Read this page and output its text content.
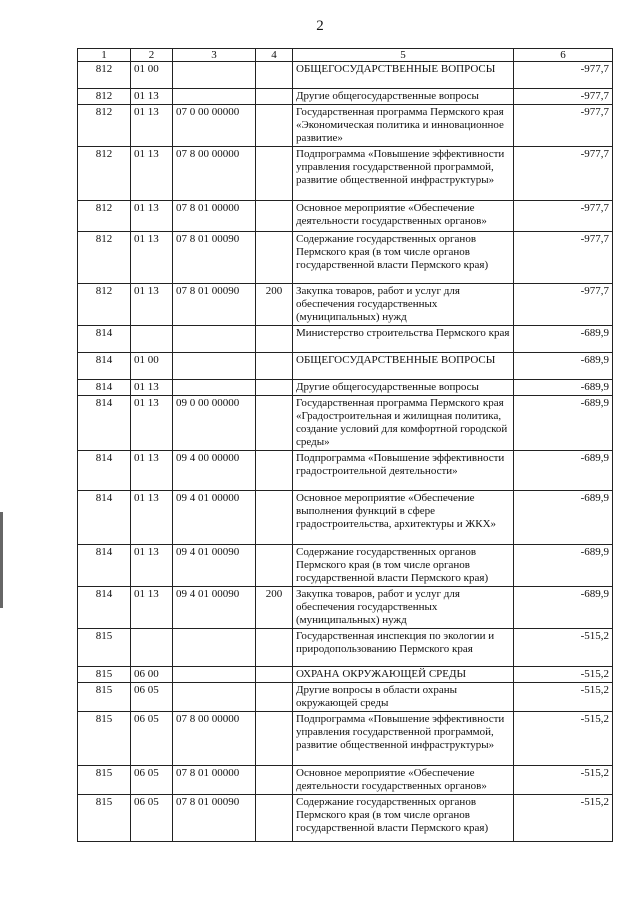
2
1	2	3	4	5	6
812	01 00			ОБЩЕГОСУДАРСТВЕННЫЕ ВОПРОСЫ	-977,7
812	01 13			Другие общегосударственные вопросы	-977,7
812	01 13	07 0 00 00000		Государственная программа Пермского края «Экономическая политика и инновационное развитие»	-977,7
812	01 13	07 8 00 00000		Подпрограмма «Повышение эффективности управления государственной программой, развитие общественной инфраструктуры»	-977,7
812	01 13	07 8 01 00000		Основное мероприятие «Обеспечение деятельности государственных органов»	-977,7
812	01 13	07 8 01 00090		Содержание государственных органов Пермского края (в том числе органов государственной власти Пермского края)	-977,7
812	01 13	07 8 01 00090	200	Закупка товаров, работ и услуг для обеспечения государственных (муниципальных) нужд	-977,7
814				Министерство строительства Пермского края	-689,9
814	01 00			ОБЩЕГОСУДАРСТВЕННЫЕ ВОПРОСЫ	-689,9
814	01 13			Другие общегосударственные вопросы	-689,9
814	01 13	09 0 00 00000		Государственная программа Пермского края «Градостроительная и жилищная политика, создание условий для комфортной городской среды»	-689,9
814	01 13	09 4 00 00000		Подпрограмма «Повышение эффективности градостроительной деятельности»	-689,9
814	01 13	09 4 01 00000		Основное мероприятие «Обеспечение выполнения функций в сфере градостроительства, архитектуры и ЖКХ»	-689,9
814	01 13	09 4 01 00090		Содержание государственных органов Пермского края (в том числе органов государственной власти Пермского края)	-689,9
814	01 13	09 4 01 00090	200	Закупка товаров, работ и услуг для обеспечения государственных (муниципальных) нужд	-689,9
815				Государственная инспекция по экологии и природопользованию Пермского края	-515,2
815	06 00			ОХРАНА ОКРУЖАЮЩЕЙ СРЕДЫ	-515,2
815	06 05			Другие вопросы в области охраны окружающей среды	-515,2
815	06 05	07 8 00 00000		Подпрограмма «Повышение эффективности управления государственной программой, развитие общественной инфраструктуры»	-515,2
815	06 05	07 8 01 00000		Основное мероприятие «Обеспечение деятельности государственных органов»	-515,2
815	06 05	07 8 01 00090		Содержание государственных органов Пермского края (в том числе органов государственной власти Пермского края)	-515,2
